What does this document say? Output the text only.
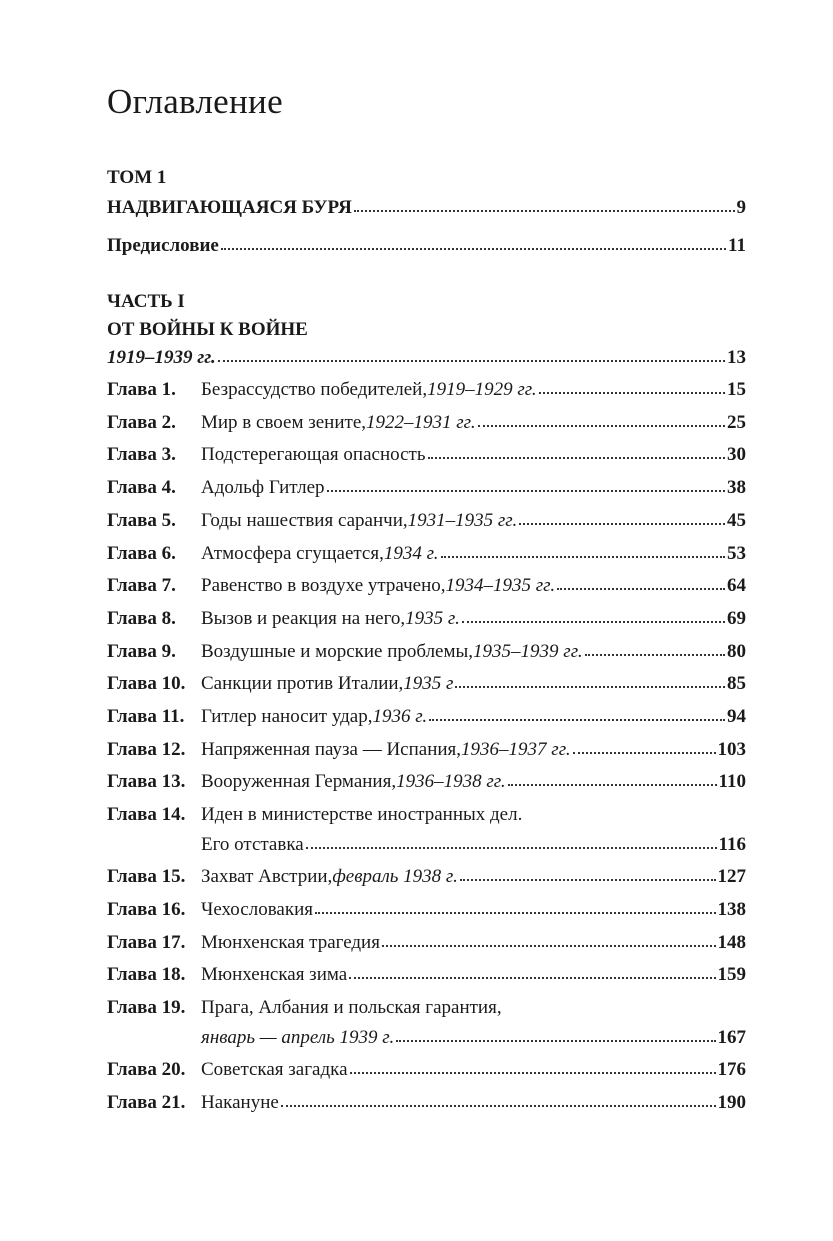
Оглавление
ТОМ 1
НАДВИГАЮЩАЯСЯ БУРЯ	9
Предисловие	11
ЧАСТЬ I
ОТ ВОЙНЫ К ВОЙНЕ
1919–1939 гг.	13
Глава 1.	Безрассудство победителей, 1919–1929 гг.	15
Глава 2.	Мир в своем зените, 1922–1931 гг.	25
Глава 3.	Подстерегающая опасность	30
Глава 4.	Адольф Гитлер	38
Глава 5.	Годы нашествия саранчи, 1931–1935 гг.	45
Глава 6.	Атмосфера сгущается, 1934 г.	53
Глава 7.	Равенство в воздухе утрачено, 1934–1935 гг.	64
Глава 8.	Вызов и реакция на него, 1935 г.	69
Глава 9.	Воздушные и морские проблемы, 1935–1939 гг.	80
Глава 10. Санкции против Италии, 1935 г	85
Глава 11. Гитлер наносит удар, 1936 г.	94
Глава 12. Напряженная пауза — Испания, 1936–1937 гг.	103
Глава 13. Вооруженная Германия, 1936–1938 гг.	110
Глава 14. Иден в министерстве иностранных дел.
Его отставка	116
Глава 15. Захват Австрии, февраль 1938 г.	127
Глава 16. Чехословакия	138
Глава 17. Мюнхенская трагедия	148
Глава 18. Мюнхенская зима	159
Глава 19. Прага, Албания и польская гарантия,
январь — апрель 1939 г.	167
Глава 20. Советская загадка	176
Глава 21. Накануне	190
